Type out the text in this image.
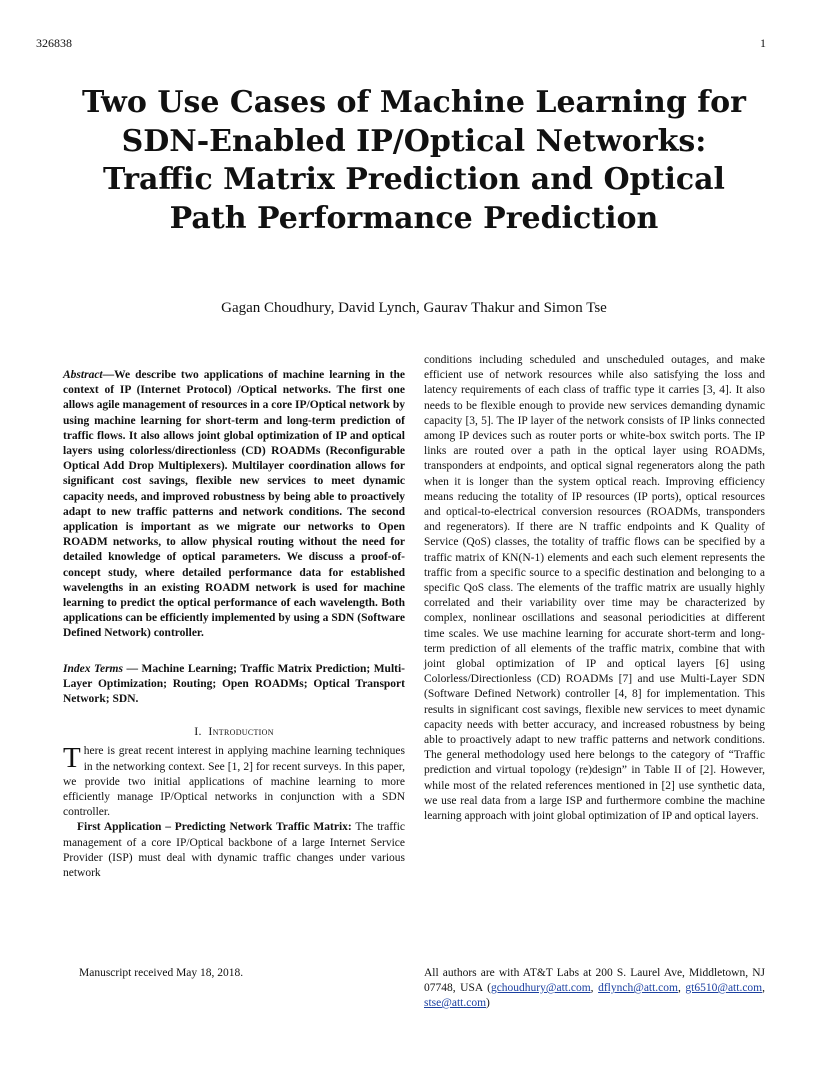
326838	1
Two Use Cases of Machine Learning for SDN-Enabled IP/Optical Networks: Traffic Matrix Prediction and Optical Path Performance Prediction
Gagan Choudhury, David Lynch, Gaurav Thakur and Simon Tse

Abstract—We describe two applications of machine learning in the context of IP (Internet Protocol) /Optical networks. The first one allows agile management of resources in a core IP/Optical network by using machine learning for short-term and long-term prediction of traffic flows. It also allows joint global optimization of IP and optical layers using colorless/directionless (CD) ROADMs (Reconfigurable Optical Add Drop Multiplexers). Multilayer coordination allows for significant cost savings, flexible new services to meet dynamic capacity needs, and improved robustness by being able to proactively adapt to new traffic patterns and network conditions. The second application is important as we migrate our networks to Open ROADM networks, to allow physical routing without the need for detailed knowledge of optical parameters. We discuss a proof-of-concept study, where detailed performance data for established wavelengths in an existing ROADM network is used for machine learning to predict the optical performance of each wavelength. Both applications can be efficiently implemented by using a SDN (Software Defined Network) controller.

Index Terms — Machine Learning; Traffic Matrix Prediction; Multi-Layer Optimization; Routing; Open ROADMs; Optical Transport Network; SDN.

I. Introduction

There is great recent interest in applying machine learning techniques in the networking context. See [1, 2] for recent surveys. In this paper, we provide two initial applications of machine learning to more efficiently manage IP/Optical networks in conjunction with a SDN controller.

First Application – Predicting Network Traffic Matrix: The traffic management of a core IP/Optical backbone of a large Internet Service Provider (ISP) must deal with dynamic traffic changes under various network

conditions including scheduled and unscheduled outages, and make efficient use of network resources while also satisfying the loss and latency requirements of each class of traffic type it carries [3, 4]. It also needs to be flexible enough to provide new services demanding dynamic capacity [3, 5]. The IP layer of the network consists of IP links connected among IP devices such as router ports or white-box switch ports. The IP links are routed over a path in the optical layer using ROADMs, transponders at endpoints, and optical signal regenerators along the path when it is longer than the system optical reach. Improving efficiency means reducing the totality of IP resources (IP ports), optical resources and optical-to-electrical conversion resources (ROADMs, transponders and regenerators). If there are N traffic endpoints and K Quality of Service (QoS) classes, the totality of traffic flows can be specified by a traffic matrix of KN(N-1) elements and each such element represents the traffic from a specific source to a specific destination and belonging to a specific QoS class. The elements of the traffic matrix are usually highly correlated and their variability over time may be characterized by complex, nonlinear oscillations and seasonal periodicities at different time scales. We use machine learning for accurate short-term and long-term prediction of all elements of the traffic matrix, combine that with joint global optimization of IP and optical layers [6] using Colorless/Directionless (CD) ROADMs [7] and use Multi-Layer SDN (Software Defined Network) controller [4, 8] for implementation. This results in significant cost savings, flexible new services to meet dynamic capacity needs with better accuracy, and increased robustness by being able to proactively adapt to new traffic patterns and network conditions. The general methodology used here belongs to the category of “Traffic prediction and virtual topology (re)design” in Table II of [2]. However, while most of the related references mentioned in [2] use synthetic data, we use real data from a large ISP and furthermore combine the machine learning approach with joint global optimization of IP and optical layers.

Manuscript received May 18, 2018.	All authors are with AT&T Labs at 200 S. Laurel Ave, Middletown, NJ 07748, USA (gchoudhury@att.com, dflynch@att.com, gt6510@att.com, stse@att.com)
